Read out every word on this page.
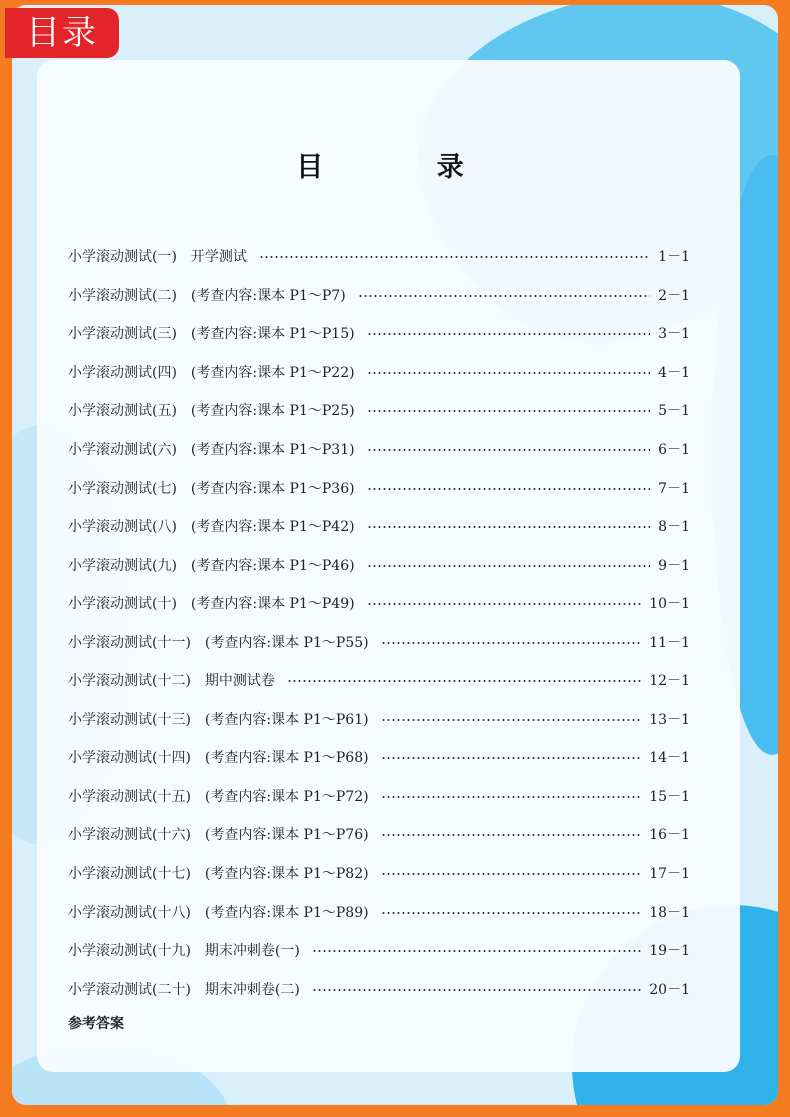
目录
目 录
小学滚动测试(一)　开学测试	1－1
小学滚动测试(二)　(考查内容:课本 P1～P7)	2－1
小学滚动测试(三)　(考查内容:课本 P1～P15)	3－1
小学滚动测试(四)　(考查内容:课本 P1～P22)	4－1
小学滚动测试(五)　(考查内容:课本 P1～P25)	5－1
小学滚动测试(六)　(考查内容:课本 P1～P31)	6－1
小学滚动测试(七)　(考查内容:课本 P1～P36)	7－1
小学滚动测试(八)　(考查内容:课本 P1～P42)	8－1
小学滚动测试(九)　(考查内容:课本 P1～P46)	9－1
小学滚动测试(十)　(考查内容:课本 P1～P49)	10－1
小学滚动测试(十一)　(考查内容:课本 P1～P55)	11－1
小学滚动测试(十二)　期中测试卷	12－1
小学滚动测试(十三)　(考查内容:课本 P1～P61)	13－1
小学滚动测试(十四)　(考查内容:课本 P1～P68)	14－1
小学滚动测试(十五)　(考查内容:课本 P1～P72)	15－1
小学滚动测试(十六)　(考查内容:课本 P1～P76)	16－1
小学滚动测试(十七)　(考查内容:课本 P1～P82)	17－1
小学滚动测试(十八)　(考查内容:课本 P1～P89)	18－1
小学滚动测试(十九)　期末冲刺卷(一)	19－1
小学滚动测试(二十)　期末冲刺卷(二)	20－1
参考答案
